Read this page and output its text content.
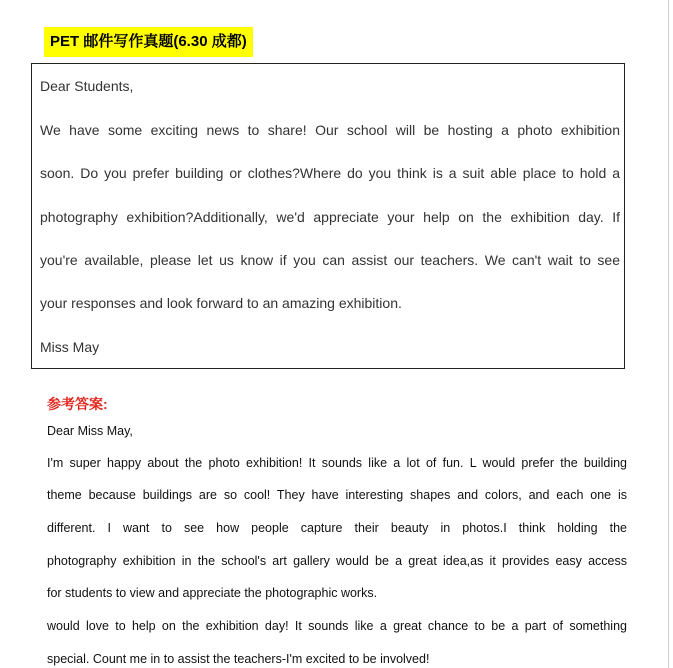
PET 邮件写作真题(6.30 成都)
Dear Students,
We have some exciting news to share! Our school will be hosting a photo exhibition
soon. Do you prefer building or clothes?Where do you think is a suit able place to hold a
photography exhibition?Additionally, we'd appreciate your help on the exhibition day. If
you're available, please let us know if you can assist our teachers. We can't wait to see
your responses and look forward to an amazing exhibition.
Miss May
参考答案:
Dear Miss May,
I'm super happy about the photo exhibition! It sounds like a lot of fun. L would prefer the building
theme because buildings are so cool! They have interesting shapes and colors, and each one is
different. I want to see how people capture their beauty in photos.I think holding the
photography exhibition in the school's art gallery would be a great idea,as it provides easy access
for students to view and appreciate the photographic works.
would love to help on the exhibition day! It sounds like a great chance to be a part of something
special. Count me in to assist the teachers-I'm excited to be involved!
